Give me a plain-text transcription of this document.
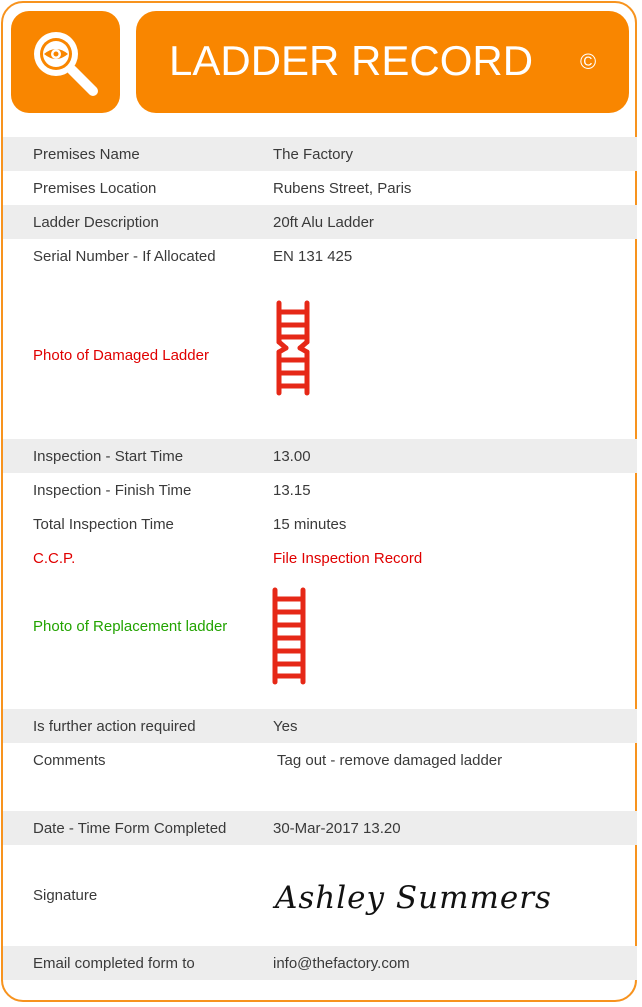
LADDER RECORD ©
Premises Name	The Factory
Premises Location	Rubens Street, Paris
Ladder Description	20ft Alu Ladder
Serial Number - If Allocated	EN 131 425
Photo of Damaged Ladder
Inspection - Start Time	13.00
Inspection - Finish Time	13.15
Total Inspection Time	15 minutes
C.C.P.	File Inspection Record
Photo of Replacement ladder
Is further action required	Yes
Comments	Tag out - remove damaged ladder
Date - Time Form Completed	30-Mar-2017 13.20
Signature	Ashley Summers
Email completed form to	info@thefactory.com
